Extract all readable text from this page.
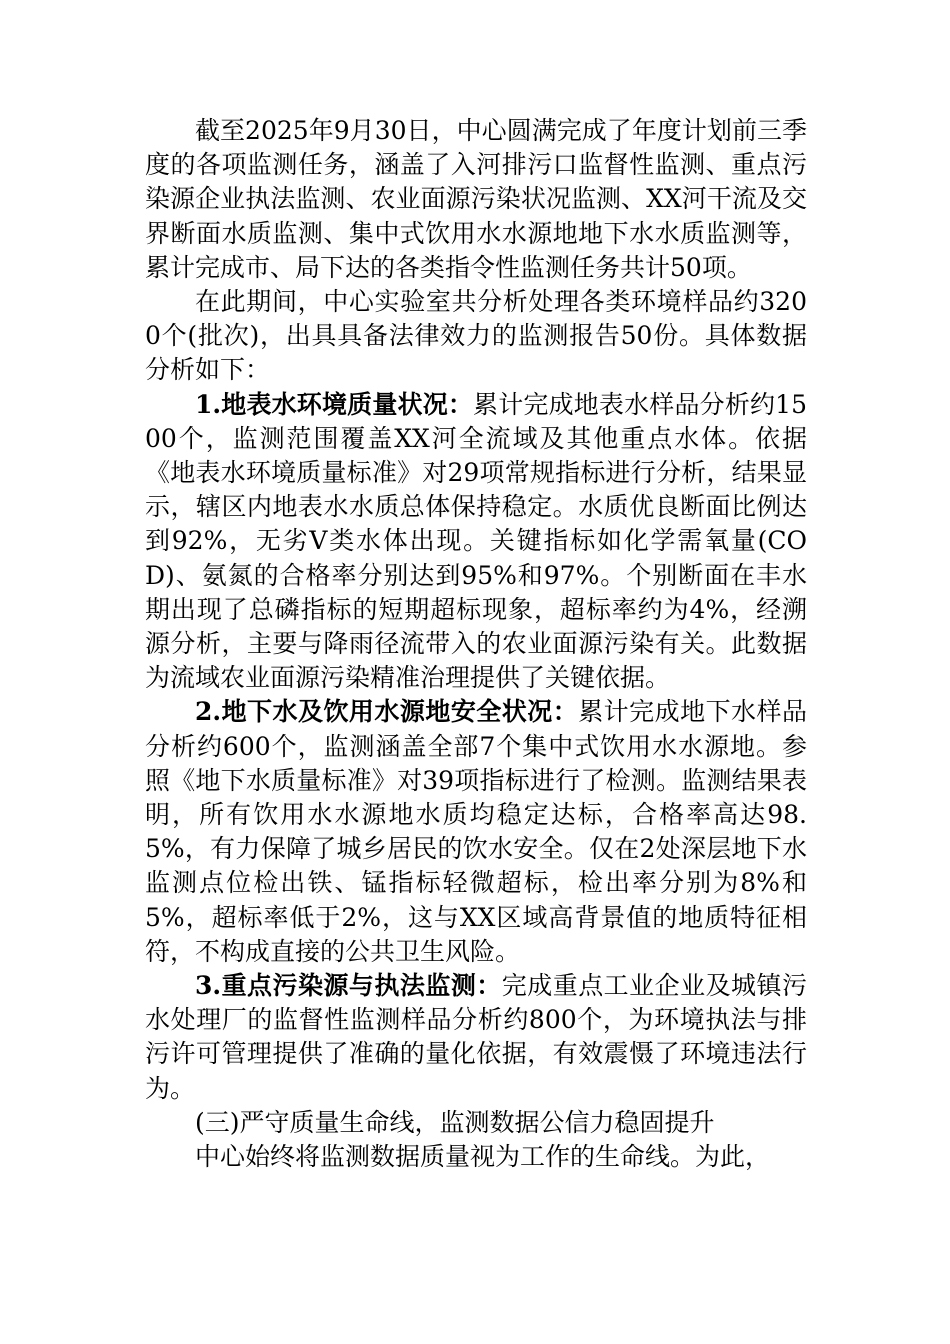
截至2025年9月30日，中心圆满完成了年度计划前三季度的各项监测任务，涵盖了入河排污口监督性监测、重点污染源企业执法监测、农业面源污染状况监测、XX河干流及交界断面水质监测、集中式饮用水水源地地下水水质监测等，累计完成市、局下达的各类指令性监测任务共计50项。

在此期间，中心实验室共分析处理各类环境样品约3200个(批次)，出具具备法律效力的监测报告50份。具体数据分析如下：

1.地表水环境质量状况：累计完成地表水样品分析约1500个，监测范围覆盖XX河全流域及其他重点水体。依据《地表水环境质量标准》对29项常规指标进行分析，结果显示，辖区内地表水水质总体保持稳定。水质优良断面比例达到92%，无劣Ⅴ类水体出现。关键指标如化学需氧量(COD)、氨氮的合格率分别达到95%和97%。个别断面在丰水期出现了总磷指标的短期超标现象，超标率约为4%，经溯源分析，主要与降雨径流带入的农业面源污染有关。此数据为流域农业面源污染精准治理提供了关键依据。

2.地下水及饮用水源地安全状况：累计完成地下水样品分析约600个，监测涵盖全部7个集中式饮用水水源地。参照《地下水质量标准》对39项指标进行了检测。监测结果表明，所有饮用水水源地水质均稳定达标，合格率高达98.5%，有力保障了城乡居民的饮水安全。仅在2处深层地下水监测点位检出铁、锰指标轻微超标，检出率分别为8%和5%，超标率低于2%，这与XX区域高背景值的地质特征相符，不构成直接的公共卫生风险。

3.重点污染源与执法监测：完成重点工业企业及城镇污水处理厂的监督性监测样品分析约800个，为环境执法与排污许可管理提供了准确的量化依据，有效震慑了环境违法行为。

(三)严守质量生命线，监测数据公信力稳固提升

中心始终将监测数据质量视为工作的生命线。为此，
